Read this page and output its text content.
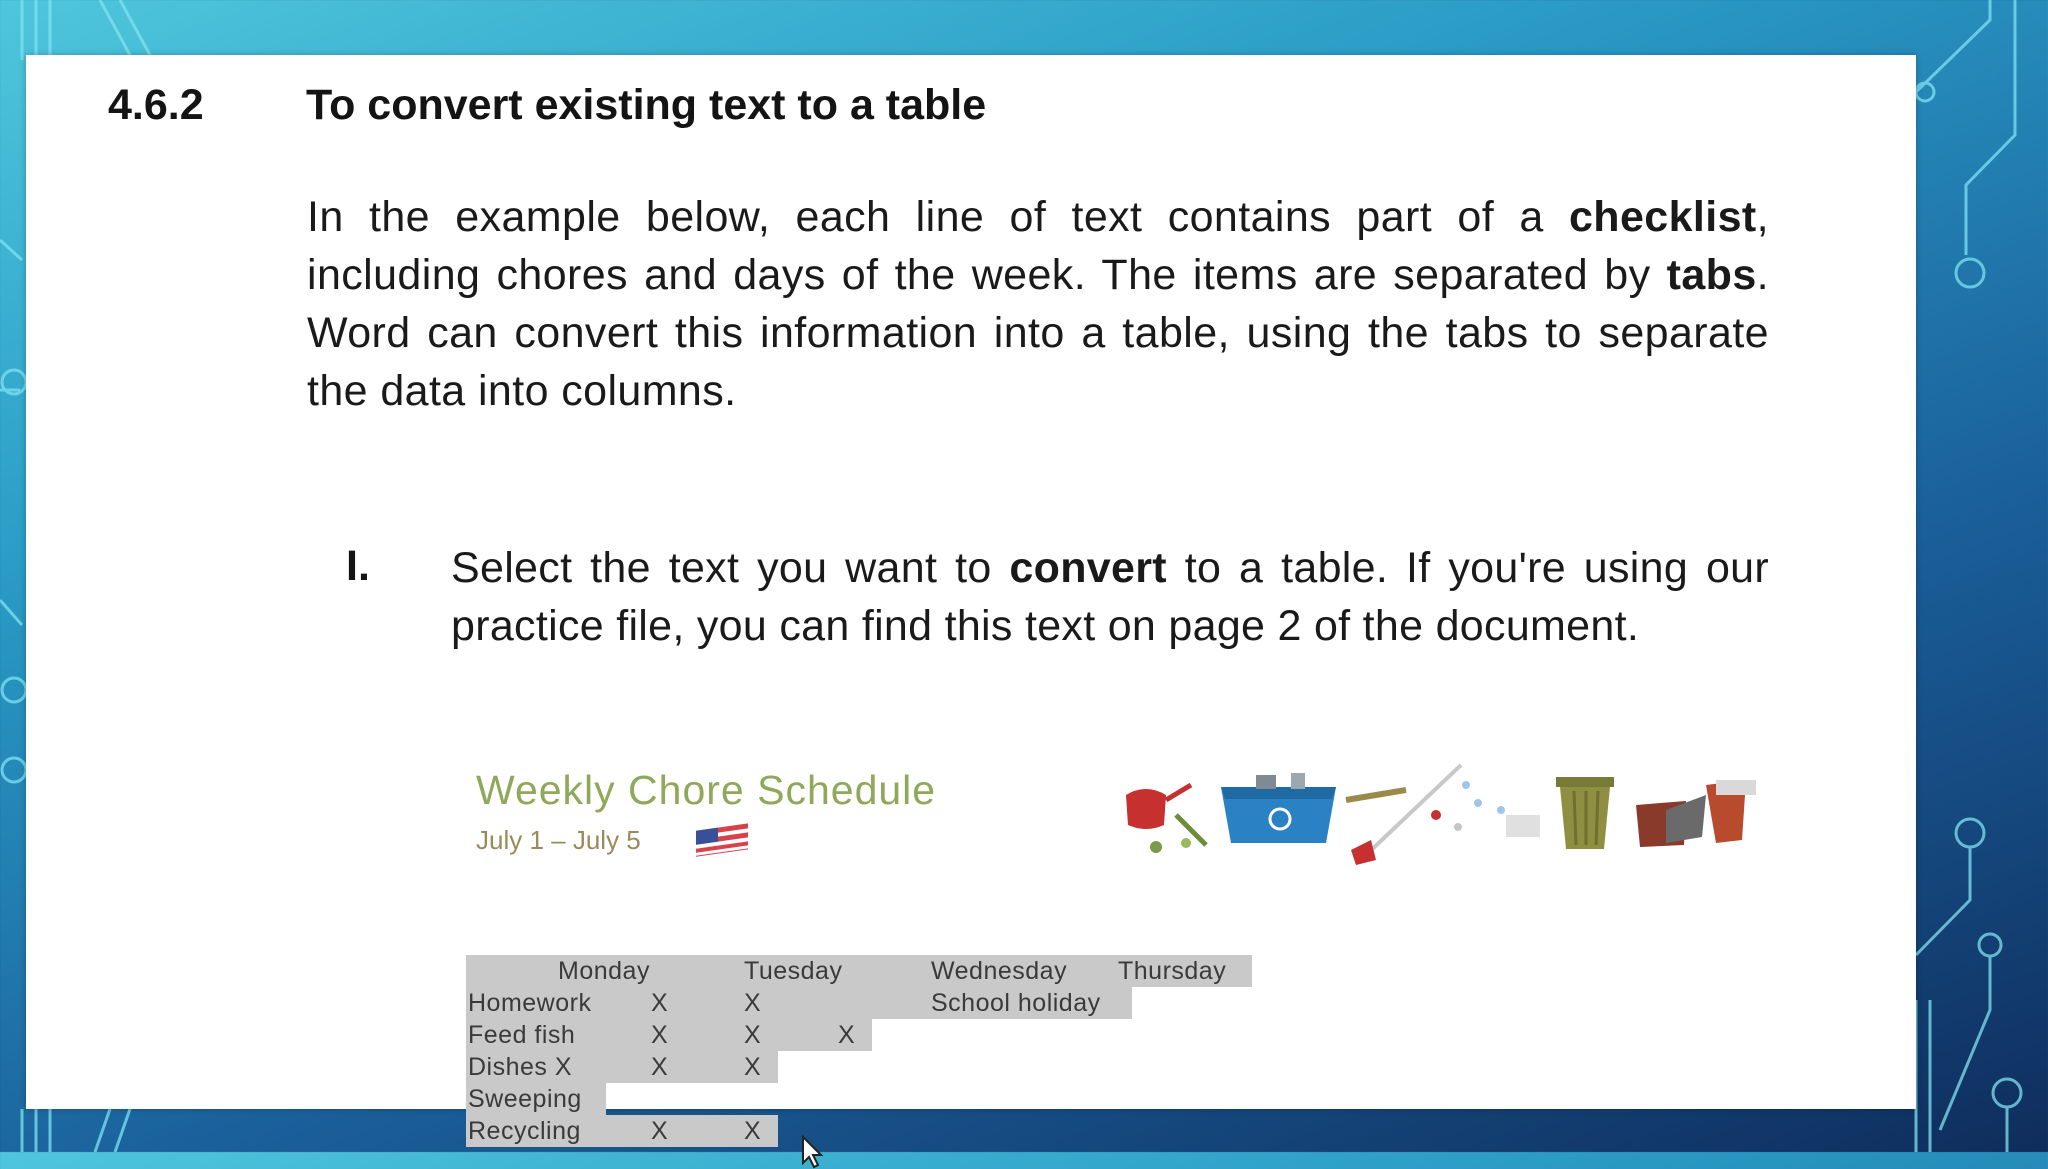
4.6.2 To convert existing text to a table
In the example below, each line of text contains part of a checklist, including chores and days of the week. The items are separated by tabs. Word can convert this information into a table, using the tabs to separate the data into columns.
I. Select the text you want to convert to a table. If you're using our practice file, you can find this text on page 2 of the document.
Weekly Chore Schedule
July 1 – July 5
Monday	Tuesday	Wednesday Thursday
Homework X	X	School holiday
Feed fish	X	X	X
Dishes X	X	X
Sweeping
Recycling	X	X
